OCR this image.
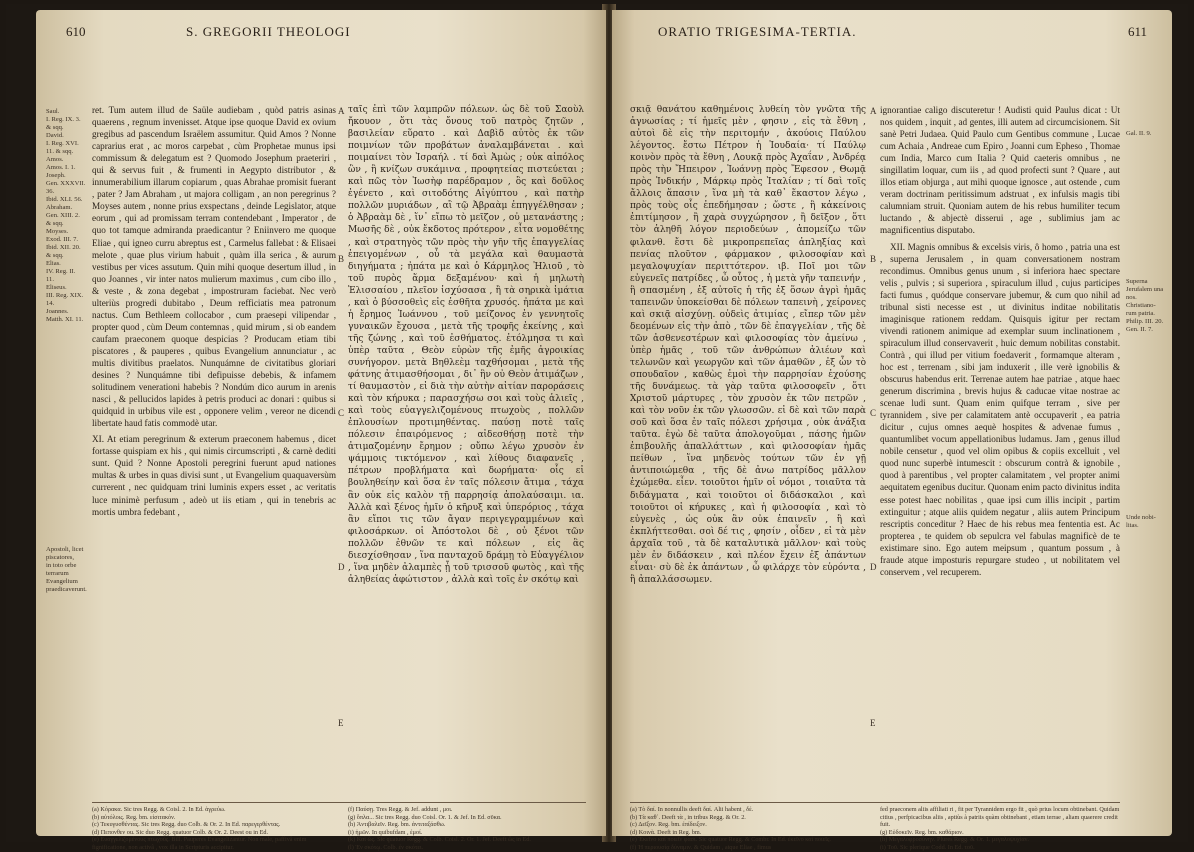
610	S. GREGORII THEOLOGI
Saul.
I. Reg. IX. 3.
& sqq.
David.
I. Reg. XVI.
11. & sqq.
Amos.
Amos. I. 1.
Joseph.
Gen. XXXVII.
36.
Ibid. XLI. 56.
Abraham.
Gen. XIII. 2.
& sqq.
Moyses.
Exod. III. 7.
Ibid. XII. 20.
& sqq.
Elias.
IV. Reg. II.
11.
Eliseus.
III. Reg. XIX.
14.
Joannes.
Matth. XI. 11.
Apostoli, licet piscatores,
in toto orbe terrarum Evangelium praedicaverunt.

ret. Tum autem illud de Saüle audiebam , quòd patris asinas quaerens , regnum invenisset. Atque ipse quoque David ex ovium gregibus ad pascendum Israëlem assumitur. Quid Amos ? Nonne caprarius erat , ac moros carpebat , cùm Prophetae munus ipsi commissum & delegatum est ? Quomodo Josephum praeteriri , qui & servus fuit , & frumenti in Aegypto distributor , & innumerabilium illarum copiarum , quas Abrahae promisit fuerant , pater ? Jam Abraham , ut majora colligam , an non peregrinus ? Moyses autem , nonne prius exspectans , deinde Legislator, atque eorum , qui ad promissam terram contendebant , Imperator , de quo tot tamque admiranda praedicantur ? Eniinvero me quoque Eliae , qui igneo curru abreptus est , Carmelus fallebat : & Elisaei melote , quae plus virium habuit , quàm illa serica , & aurum vestibus per vices assutum. Quin mihi quoque desertum illud , in quo Joannes , vir inter natos mulierum maximus , cum cibo illo , & veste , & zona degebat , impostruram faciebat. Nec verò ulteriùs progredi dubitabo , Deum refficiatis mea patronum nactus. Cum Bethleem collocabor , cum praesepi vilipendar , propter quod , cùm Deum contemnas , quid mirum , si ob eandem caufam praeconem quoque despicias ? Producam etiam tibi piscatores , & pauperes , quibus Evangelium annunciatur , ac multis divitibus praelatos. Nunquámne de civitatibus gloriari desines ? Nunquámne tibi defipuisse debebis, & infamem solitudinem venerationi habebis ? Nondúm dico aurum in arenis nasci , & pellucidos lapides à petris produci ac donari : quibus si quidquid in urbibus vile est , opponere velim , vereor ne dicendi libertate haud fatis commodè utar.

XI. At etiam peregrinum & exterum praeconem habemus , dicet fortasse quispiam ex his , qui nimis circumscripti , & carnè dediti sunt. Quid ? Nonne Apostoli peregrini fuerunt apud nationes multas & urbes in quas divisi sunt , ut Evangelium quaquaversùm currerent , nec quidquam trini luminis expers esset , ac veritatis luce minimè perfusum , adeò ut iis etiam , qui in tenebris ac mortis umbra fedebant ,

A
B
C
D
E
ταῖς ἐπὶ τῶν λαμπρῶν πόλεων. ὡς δὲ τοῦ Σαοὺλ ἤκουον , ὅτι τὰς ὄνους τοῦ πατρὸς ζητῶν , βασιλείαν εὕρατο . καὶ Δαβὶδ αὐτὸς ἐκ τῶν ποιμνίων τῶν προβάτων ἀναλαμβάνεται . καὶ ποιμαίνει τὸν Ἰσραήλ . τί δαὶ Ἀμὼς ; οὐκ αἰπόλος ὢν , ἢ κνίζων συκάμινα , προφητείας πιστεύεται ; καὶ πῶς τὸν Ἰωσὴφ παρέδραμον , ὃς καὶ δοῦλος ἐγένετο , καὶ σιτοδότης Αἰγύπτου , καὶ πατὴρ πολλῶν μυριάδων , αἳ τῷ Ἀβραὰμ ἐπηγγέλθησαν ; ὁ Ἀβραὰμ δὲ , ἵν᾽ εἴπω τὸ μεῖζον , οὐ μετανάστης ; Μωσῆς δὲ , οὐκ ἔκδοτος πρότερον , εἶτα νομοθέτης , καὶ στρατηγὸς τῶν πρὸς τὴν γῆν τῆς ἐπαγγελίας ἐπειγομένων , οὗ τὰ μεγάλα καὶ θαυμαστὰ διηγήματα ; ἠπάτα με καὶ ὁ Κάρμηλος Ἠλιοῦ , τὸ τοῦ πυρὸς ἅρμα δεξαμένου· καὶ ἡ μηλωτὴ Ἐλισσαίου , πλεῖον ἰσχύσασα , ἢ τὰ σηρικὰ ἱμάτια , καὶ ὁ βύσσοθεὶς εἰς ἐσθῆτα χρυσός. ἠπάτα με καὶ ἡ ἔρημος Ἰωάννου , τοῦ μείζονος ἐν γεννητοῖς γυναικῶν ἔχουσα , μετὰ τῆς τροφῆς ἐκείνης , καὶ τῆς ζώνης , καὶ τοῦ ἐσθήματος. ἐτόλμησα τι καὶ ὑπὲρ ταῦτα , Θεὸν εὑρὼν τῆς ἐμῆς ἀγροικίας συνήγορον. μετὰ Βηθλεὲμ ταχθήσομαι , μετὰ τῆς φάτνης ἀτιμασθήσομαι , δι᾽ ἣν οὐ Θεὸν ἀτιμάζων , τί θαυμαστὸν , εἰ διὰ τὴν αὐτὴν αἰτίαν παροράσεις καὶ τὸν κήρυκα ; παρασχήσω σοι καὶ τοὺς ἁλιεῖς , καὶ τοὺς εὐαγγελιζομένους πτωχοὺς , πολλῶν ἐπλουσίων προτιμηθέντας. παύσῃ ποτὲ ταῖς πόλεσιν ἐπαιρόμενος ; αἰδεσθήσῃ ποτὲ τὴν ἀτιμαζομένην ἔρημον ; οὔπω λέγω χρυσὸν ἐν ψάμμοις τικτόμενον , καὶ λίθους διαφανεῖς , πέτρων προβλήματα καὶ δωρήματα· οἷς εἰ βουληθείην καὶ ὅσα ἐν ταῖς πόλεσιν ἄτιμα , τάχα ἂν οὐκ εἰς καλὸν τῇ παρρησίᾳ ἀπολαύσαιμι. ια. Ἀλλὰ καὶ ξένος ἡμῖν ὁ κῆρυξ καὶ ὑπερόριος , τάχα ἂν εἴποι τις τῶν ἄγαν περιγεγραμμένων καὶ φιλοσάρκων. οἱ Ἀπόστολοι δὲ , οὐ ξένοι τῶν πολλῶν ἐθνῶν τε καὶ πόλεων , εἰς ἃς διεσχίσθησαν , ἵνα πανταχοῦ δράμῃ τὸ Εὐαγγέλιον , ἵνα μηδὲν ἀλαμπὲς ᾖ τοῦ τρισσοῦ φωτὸς , καὶ τῆς ἀληθείας ἀφώτιστον , ἀλλὰ καὶ τοῖς ἐν σκότῳ καὶ
(a) Κόρακα. Sic tres Regg. & Coisl. 2. In Ed. ἀγρεύω.
(b) αὐτόλοις. Reg. bm. εἰσιτακόν.
(c) Τεκυγυσθέντας. Sic tres Regg. duo Colb. & Or. 2. In Ed. παρεγερθέντας.
(d) Πεπονθεν ou. Sic duo Regg. quatuor Colb. & Or. 2. Deest ou in Ed.
(e) Ευαγγελιζομένους πτωχοὺς. Bill. Pauperes Evangelizantur. Non male, paffivâ enim fignificatione, non activâ , vox illa in Scripturis accipitur.
(f) Παύσῃ. Tres Regg. & Jef. addunt , μοι.
(g) ὅπλα... Sic tres Regg. duo Coisl. Or. 1. & Jef. In Ed. σῦκα.
(h) Ἀντιβαλεῖν. Reg. bm. ἀντιταξάσθω.
(i) ἡμῶν. In quibufdam , ἐμοί.
(k) Καὶ ὥς. Sic quatuor Regg. & Colb. Coisl. 2. Or. 1. Jef. Deeft ὥς in Ed.
(l) Ἐν σκότῳ. Colb. ἐν σκότει.
ORATIO TRIGESIMA-TERTIA.	611
σκιᾷ θανάτου καθημένοις λυθείη τὸν γνῶτα τῆς ἀγνωσίας ; τί ἡμεῖς μὲν , φησιν , εἰς τὰ ἔθνη , αὐτοὶ δὲ εἰς τὴν περιτομήν , ἀκούοις Παύλου λέγοντος. ἔστω Πέτρον ἡ Ἰουδαία· τί Παύλῳ κοινὸν πρὸς τὰ ἔθνη , Λουκᾷ πρὸς Ἀχαΐαν , Ἀνδρέᾳ πρὸς τὴν Ἤπειρον , Ἰωάννῃ πρὸς Ἔφεσον , Θωμᾷ πρὸς Ἰνδικήν , Μάρκῳ πρὸς Ἰταλίαν ; τί δαὶ τοῖς ἄλλοις ἅπασιν , ἵνα μὴ τὰ καθ᾽ ἕκαστον λέγω , πρὸς τοὺς οἷς ἐπεδήμησαν ; ὥστε , ἢ κἀκείνοις ἐπιτίμησον , ἢ χαρὰ συγχώρησον , ἢ δεῖξον , ὅτι τὸν ἀληθῆ λόγον περιοδεύων , ἀπομείζω τῶν φιλανθ. ἔστι δὲ μικροπρεπεῖας ἀπληξίας καὶ πενίας πλοῦτον , φάρμακον , φιλοσοφίαν καὶ μεγαλοψυχίαν περιττότερον. ιβ. Ποῖ μοι τῶν εὐγενεῖς πατρίδες , ὦ οὗτος , ἡ μετὰ γῆν ταπεινήν , ἣ σπασμένη , ἐξ αὐτοῖς ἡ τῆς ἐξ ὅσων ἀγρὶ ἡμᾶς ταπεινῶν ὑποκείσθαι δὲ πόλεων ταπεινὴ , χείρονες καὶ σκιᾷ αἰσχύνῃ. οὐδεὶς ἀτιμίας , εἴπερ τῶν μὲν δεομένων εἰς τὴν ἀπὸ , τῶν δὲ ἐπαγγελίαν , τῆς δὲ τῶν ἀσθενεστέρων καὶ φιλοσοφίας τὸν ἀμείνω , ὑπὲρ ἡμᾶς , τοῦ τῶν ἀνθρώπων ἁλιέων καὶ τελωνῶν καὶ γεωργῶν καὶ τῶν ἀμαθῶν , ἐξ ὧν τὸ σπουδαῖον , καθὼς ἐμοὶ τὴν παρρησίαν ἐχούσης τῆς δυνάμεως. τὰ γὰρ ταῦτα φιλοσοφεῖν , ὅτι Χριστοῦ μάρτυρες , τὸν χρυσὸν ἐκ τῶν πετρῶν , καὶ τὸν νοῦν ἐκ τῶν γλωσσῶν. εἰ δὲ καὶ τῶν παρὰ σοῦ καὶ ὅσα ἐν ταῖς πόλεσι χρήσιμα , οὐκ ἀνάξια ταῦτα. ἐγὼ δὲ ταῦτα ἀπολογοῦμαι , πάσης ἡμῶν ἐπιβουλῆς ἀπαλλάττων , καὶ φιλοσοφίαν ἡμᾶς πείθων , ἵνα μηδενὸς τούτων τῶν ἐν γῇ ἀντιποιώμεθα , τῆς δὲ ἀνω πατρίδος μᾶλλον ἐχώμεθα. εἶεν. τοιοῦτοι ἡμῖν οἱ νόμοι , τοιαῦτα τὰ διδάγματα , καὶ τοιοῦτοι οἱ διδάσκαλοι , καὶ τοιοῦτοι οἱ κήρυκες , καὶ ἡ φιλοσοφία , καὶ τὸ εὐγενὲς , ὡς οὐκ ἂν οὐκ ἐπαινεῖν , ἢ καὶ ἐκπλήττεσθαι. σοὶ δέ τις , φησίν , οἶδεν , εἰ τὰ μὲν ἀρχαῖα τοῦ , τὰ δὲ καταλυτικὰ μᾶλλον· καὶ τοὺς μὲν ἐν διδάσκειν , καὶ πλέον ἔχειν ἐξ ἁπάντων εἶναι· σὺ δὲ ἐκ ἀπάντων , ὦ φιλάρχε τὸν εὑρόντα , ἢ ἀπαλλάσσωμεν.
A
B
C
D
E

ignorantiae caligo discuteretur ! Audisti quid Paulus dicat : Ut nos quidem , inquit , ad gentes, illi autem ad circumcisionem. Sit sanè Petri Judaea. Quid Paulo cum Gentibus commune , Lucae cum Achaia , Andreae cum Epiro , Joanni cum Epheso , Thomae cum India, Marco cum Italia ? Quid caeteris omnibus , ne singillatim loquar, cum iis , ad quod profecti sunt ? Quare , aut illos etiam objurga , aut mihi quoque ignosce , aut ostende , cum veram doctrinam peritissimum adstruat , ex infulsis magis tibi calumniam struit. Quoniam autem de his rebus humiliter tecum luctando , & abjectè disserui , age , sublimius jam ac magnificentius disputabo.

XII. Magnis omnibus & excelsis viris, ô homo , patria una est , superna Jerusalem , in quam conversationem nostram recondimus. Omnibus genus unum , si inferiora haec spectare velis , pulvis ; si superiora , spiraculum illud , cujus participes facti fumus , quódque conservare jubemur, & cum quo nihil ad tribunal sisti necesse est , ut divinitus inditae nobilitatis imaginisque rationem reddam. Quisquis igitur per rectam vivendi rationem animique ad exemplar suum inclinationem , spiraculum illud conservaverit , huic demum nobilitas constabit. Contrà , qui illud per vitium foedaverit , formamque alteram , hoc est , terrenam , sibi jam induxerit , ille verè ignobilis & obscurus habendus erit. Terrenae autem hae patriae , atque haec generum discrimina , brevis hujus & caducae vitae nostrae ac scenae ludi sunt. Quam enim quifque terram , sive per tyrannidem , sive per calamitatem antè occupaverit , ea patria dicitur , cujus omnes aequè hospites & advenae fumus , quantumlibet vocum appellationibus ludamus. Jam , genus illud nobile censetur , quod vel olim opibus & copiis excelluit , vel quod nunc superbè intumescit : obscurum contrà & ignobile , quod à parentibus , vel propter calamitatem , vel propter animi aequitatem egenibus ducitur. Quonam enim pacto divinitus indita esse potest haec nobilitas , quae ipsi cum illis incipit , partim extinguitur ; atque aliis quidem negatur , aliis autem Principum rescriptis conceditur ? Haec de his rebus mea fententia est. Ac propterea , te quidem ob sepulcra vel fabulas magnificè de te existimare sino. Ego autem meipsum , quantum possum , à fraude atque imposturis repurgare studeo , ut nobilitatem vel conservem , vel recuperem.

Gal. II. 9.
Superna
Jerufalem una
nos. Christiano-
rum patria.
Philip. III. 20.
Gen. II. 7.
Unde nobi-
litas.
(a) Τὸ δαί. In nonnullis deeft δαί. Alii habent , δέ.
(b) Τὰ καθ᾽. Deeft τὰ , in tribus Regg. & Or. 2.
(c) Δεῖξον. Reg. bm. ἐπίδειξον.
(d) Κοινὰ. Deeft in Reg. bm.
(e) Ἐκεῖνο καὶ ποιεῖν φασι. Sic quatuor Regg. & Combr. In Ed. ἐκεῖνο καὶ ποιεῖς.
(f) Ἠ περιουσίᾳ δύναμιν. & Quidam , atque Eliae , fimus
fed praeconem aliis affiliati ri , fit per Tyrannidem ergo fit , quò prius locum obtinebant. Quidam citius , perfpicacibus aliis , aptiùs à patriis quàm obtinebant , etiam terrae , aliam quaerere credit fuit.
(g) Εὐδοκεῖν. Reg. bm. καθάριον.
(h) Μεγαλοφροσύνην. Plures Regg. & Or. 1. μεγαλοψυχίαν.
(i) Τοῦ. Sic plerique Codd. In Ed. τοῦ.
